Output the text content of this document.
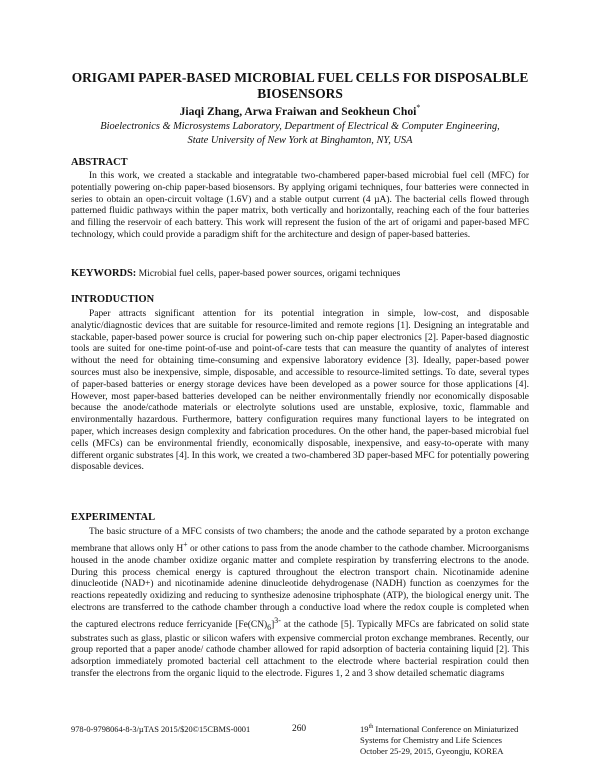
ORIGAMI PAPER-BASED MICROBIAL FUEL CELLS FOR DISPOSALBLE BIOSENSORS
Jiaqi Zhang, Arwa Fraiwan and Seokheun Choi*
Bioelectronics & Microsystems Laboratory, Department of Electrical & Computer Engineering,
State University of New York at Binghamton, NY, USA
ABSTRACT

In this work, we created a stackable and integratable two-chambered paper-based microbial fuel cell (MFC) for potentially powering on-chip paper-based biosensors. By applying origami techniques, four batteries were connected in series to obtain an open-circuit voltage (1.6V) and a stable output current (4 µA). The bacterial cells flowed through patterned fluidic pathways within the paper matrix, both vertically and horizontally, reaching each of the four batteries and filling the reservoir of each battery. This work will represent the fusion of the art of origami and paper-based MFC technology, which could provide a paradigm shift for the architecture and design of paper-based batteries.

KEYWORDS: Microbial fuel cells, paper-based power sources, origami techniques

INTRODUCTION

Paper attracts significant attention for its potential integration in simple, low-cost, and disposable analytic/diagnostic devices that are suitable for resource-limited and remote regions [1]. Designing an integratable and stackable, paper-based power source is crucial for powering such on-chip paper electronics [2]. Paper-based diagnostic tools are suited for one-time point-of-use and point-of-care tests that can measure the quantity of analytes of interest without the need for obtaining time-consuming and expensive laboratory evidence [3]. Ideally, paper-based power sources must also be inexpensive, simple, disposable, and accessible to resource-limited settings. To date, several types of paper-based batteries or energy storage devices have been developed as a power source for those applications [4]. However, most paper-based batteries developed can be neither environmentally friendly nor economically disposable because the anode/cathode materials or electrolyte solutions used are unstable, explosive, toxic, flammable and environmentally hazardous. Furthermore, battery configuration requires many functional layers to be integrated on paper, which increases design complexity and fabrication procedures. On the other hand, the paper-based microbial fuel cells (MFCs) can be environmental friendly, economically disposable, inexpensive, and easy-to-operate with many different organic substrates [4]. In this work, we created a two-chambered 3D paper-based MFC for potentially powering disposable devices.

EXPERIMENTAL

The basic structure of a MFC consists of two chambers; the anode and the cathode separated by a proton exchange membrane that allows only H+ or other cations to pass from the anode chamber to the cathode chamber. Microorganisms housed in the anode chamber oxidize organic matter and complete respiration by transferring electrons to the anode. During this process chemical energy is captured throughout the electron transport chain. Nicotinamide adenine dinucleotide (NAD+) and nicotinamide adenine dinucleotide dehydrogenase (NADH) function as coenzymes for the reactions repeatedly oxidizing and reducing to synthesize adenosine triphosphate (ATP), the biological energy unit. The electrons are transferred to the cathode chamber through a conductive load where the redox couple is completed when the captured electrons reduce ferricyanide $[Fe(CN)_6]^{3-}$ at the cathode [5]. Typically MFCs are fabricated on solid state substrates such as glass, plastic or silicon wafers with expensive commercial proton exchange membranes. Recently, our group reported that a paper anode/ cathode chamber allowed for rapid adsorption of bacteria containing liquid [2]. This adsorption immediately promoted bacterial cell attachment to the electrode where bacterial respiration could then transfer the electrons from the organic liquid to the electrode. Figures 1, 2 and 3 show detailed schematic diagrams

978-0-9798064-8-3/µTAS 2015/$20©15CBMS-0001	260	19th International Conference on Miniaturized
Systems for Chemistry and Life Sciences
October 25-29, 2015, Gyeongju, KOREA
